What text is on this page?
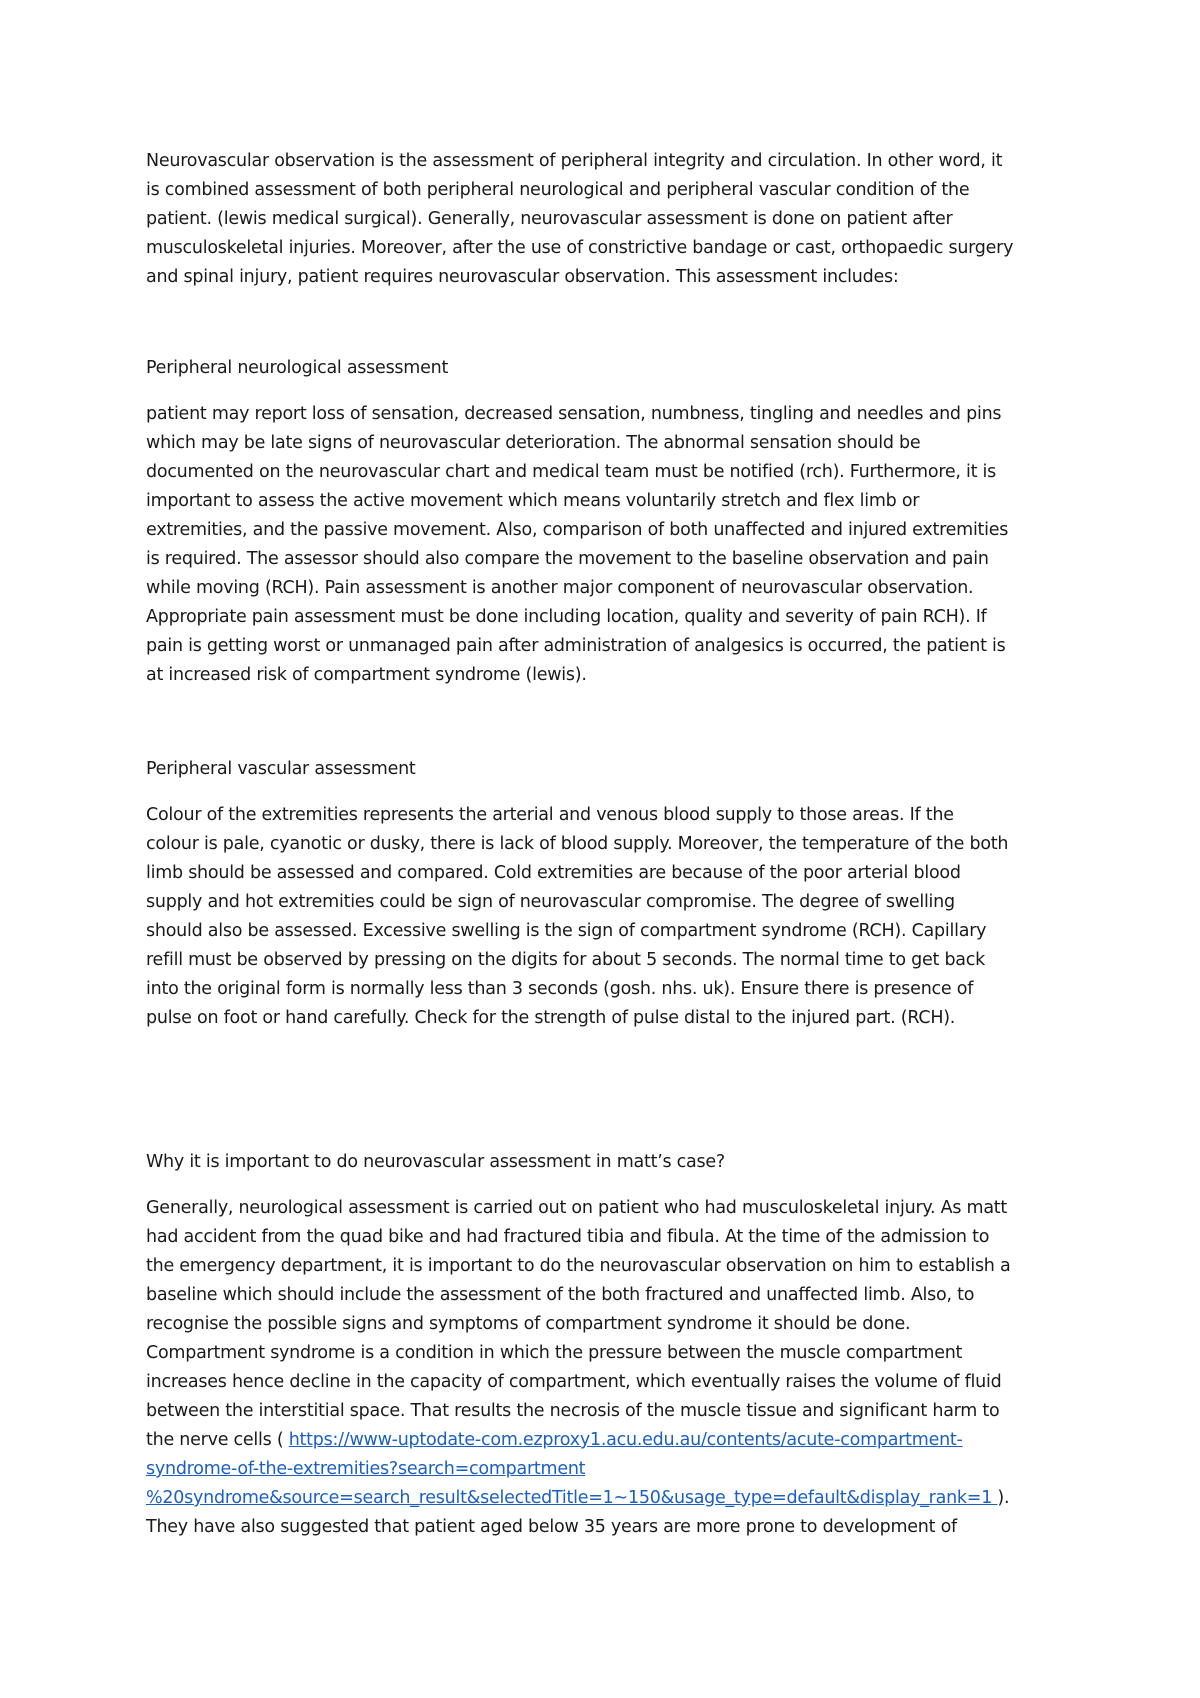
Neurovascular observation is the assessment of peripheral integrity and circulation. In other word, it
is combined assessment of both peripheral neurological and peripheral vascular condition of the
patient. (lewis medical surgical). Generally, neurovascular assessment is done on patient after
musculoskeletal injuries. Moreover, after the use of constrictive bandage or cast, orthopaedic surgery
and spinal injury, patient requires neurovascular observation. This assessment includes:
Peripheral neurological assessment
patient may report loss of sensation, decreased sensation, numbness, tingling and needles and pins
which may be late signs of neurovascular deterioration. The abnormal sensation should be
documented on the neurovascular chart and medical team must be notified (rch). Furthermore, it is
important to assess the active movement which means voluntarily stretch and flex limb or
extremities, and the passive movement. Also, comparison of both unaffected and injured extremities
is required. The assessor should also compare the movement to the baseline observation and pain
while moving (RCH). Pain assessment is another major component of neurovascular observation.
Appropriate pain assessment must be done including location, quality and severity of pain RCH). If
pain is getting worst or unmanaged pain after administration of analgesics is occurred, the patient is
at increased risk of compartment syndrome (lewis).
Peripheral vascular assessment
Colour of the extremities represents the arterial and venous blood supply to those areas. If the
colour is pale, cyanotic or dusky, there is lack of blood supply. Moreover, the temperature of the both
limb should be assessed and compared. Cold extremities are because of the poor arterial blood
supply and hot extremities could be sign of neurovascular compromise. The degree of swelling
should also be assessed. Excessive swelling is the sign of compartment syndrome (RCH). Capillary
refill must be observed by pressing on the digits for about 5 seconds. The normal time to get back
into the original form is normally less than 3 seconds (gosh. nhs. uk). Ensure there is presence of
pulse on foot or hand carefully. Check for the strength of pulse distal to the injured part. (RCH).
Why it is important to do neurovascular assessment in matt’s case?
Generally, neurological assessment is carried out on patient who had musculoskeletal injury. As matt
had accident from the quad bike and had fractured tibia and fibula. At the time of the admission to
the emergency department, it is important to do the neurovascular observation on him to establish a
baseline which should include the assessment of the both fractured and unaffected limb. Also, to
recognise the possible signs and symptoms of compartment syndrome it should be done.
Compartment syndrome is a condition in which the pressure between the muscle compartment
increases hence decline in the capacity of compartment, which eventually raises the volume of fluid
between the interstitial space. That results the necrosis of the muscle tissue and significant harm to
the nerve cells ( https://www-uptodate-com.ezproxy1.acu.edu.au/contents/acute-compartment-
syndrome-of-the-extremities?search=compartment
%20syndrome&source=search_result&selectedTitle=1~150&usage_type=default&display_rank=1 ).
They have also suggested that patient aged below 35 years are more prone to development of
